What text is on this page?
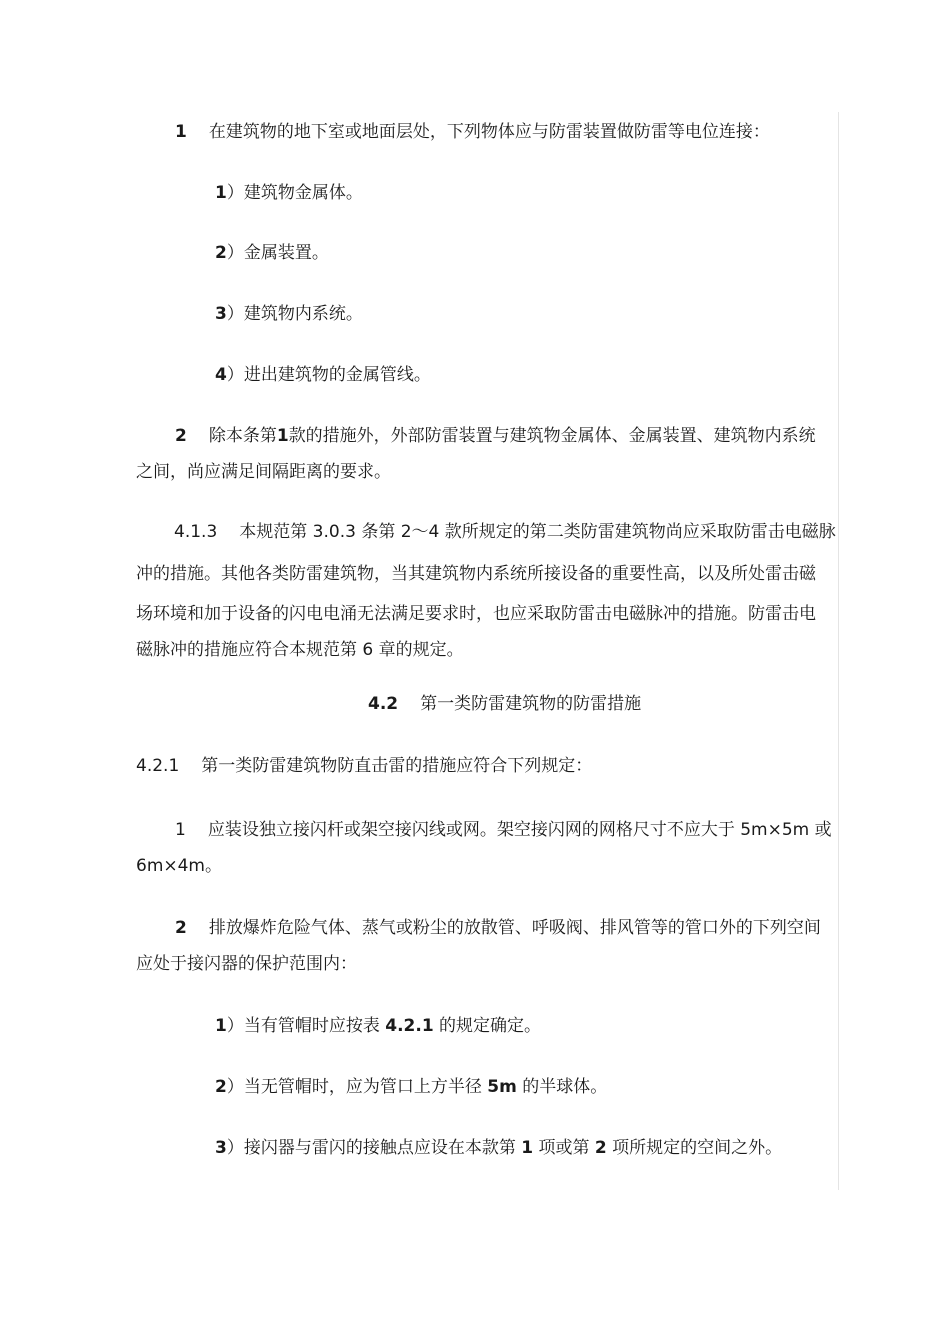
1 在建筑物的地下室或地面层处，下列物体应与防雷装置做防雷等电位连接：
1）建筑物金属体。
2）金属装置。
3）建筑物内系统。
4）进出建筑物的金属管线。
2 除本条第1款的措施外，外部防雷装置与建筑物金属体、金属装置、建筑物内系统
之间，尚应满足间隔距离的要求。
4.1.3 本规范第 3.0.3 条第 2～4 款所规定的第二类防雷建筑物尚应采取防雷击电磁脉
冲的措施。其他各类防雷建筑物，当其建筑物内系统所接设备的重要性高，以及所处雷击磁
场环境和加于设备的闪电电涌无法满足要求时，也应采取防雷击电磁脉冲的措施。防雷击电
磁脉冲的措施应符合本规范第 6 章的规定。
4.2 第一类防雷建筑物的防雷措施
4.2.1 第一类防雷建筑物防直击雷的措施应符合下列规定：
1 应装设独立接闪杆或架空接闪线或网。架空接闪网的网格尺寸不应大于 5m×5m 或
6m×4m。
2 排放爆炸危险气体、蒸气或粉尘的放散管、呼吸阀、排风管等的管口外的下列空间
应处于接闪器的保护范围内：
1）当有管帽时应按表 4.2.1 的规定确定。
2）当无管帽时，应为管口上方半径 5m 的半球体。
3）接闪器与雷闪的接触点应设在本款第 1 项或第 2 项所规定的空间之外。
